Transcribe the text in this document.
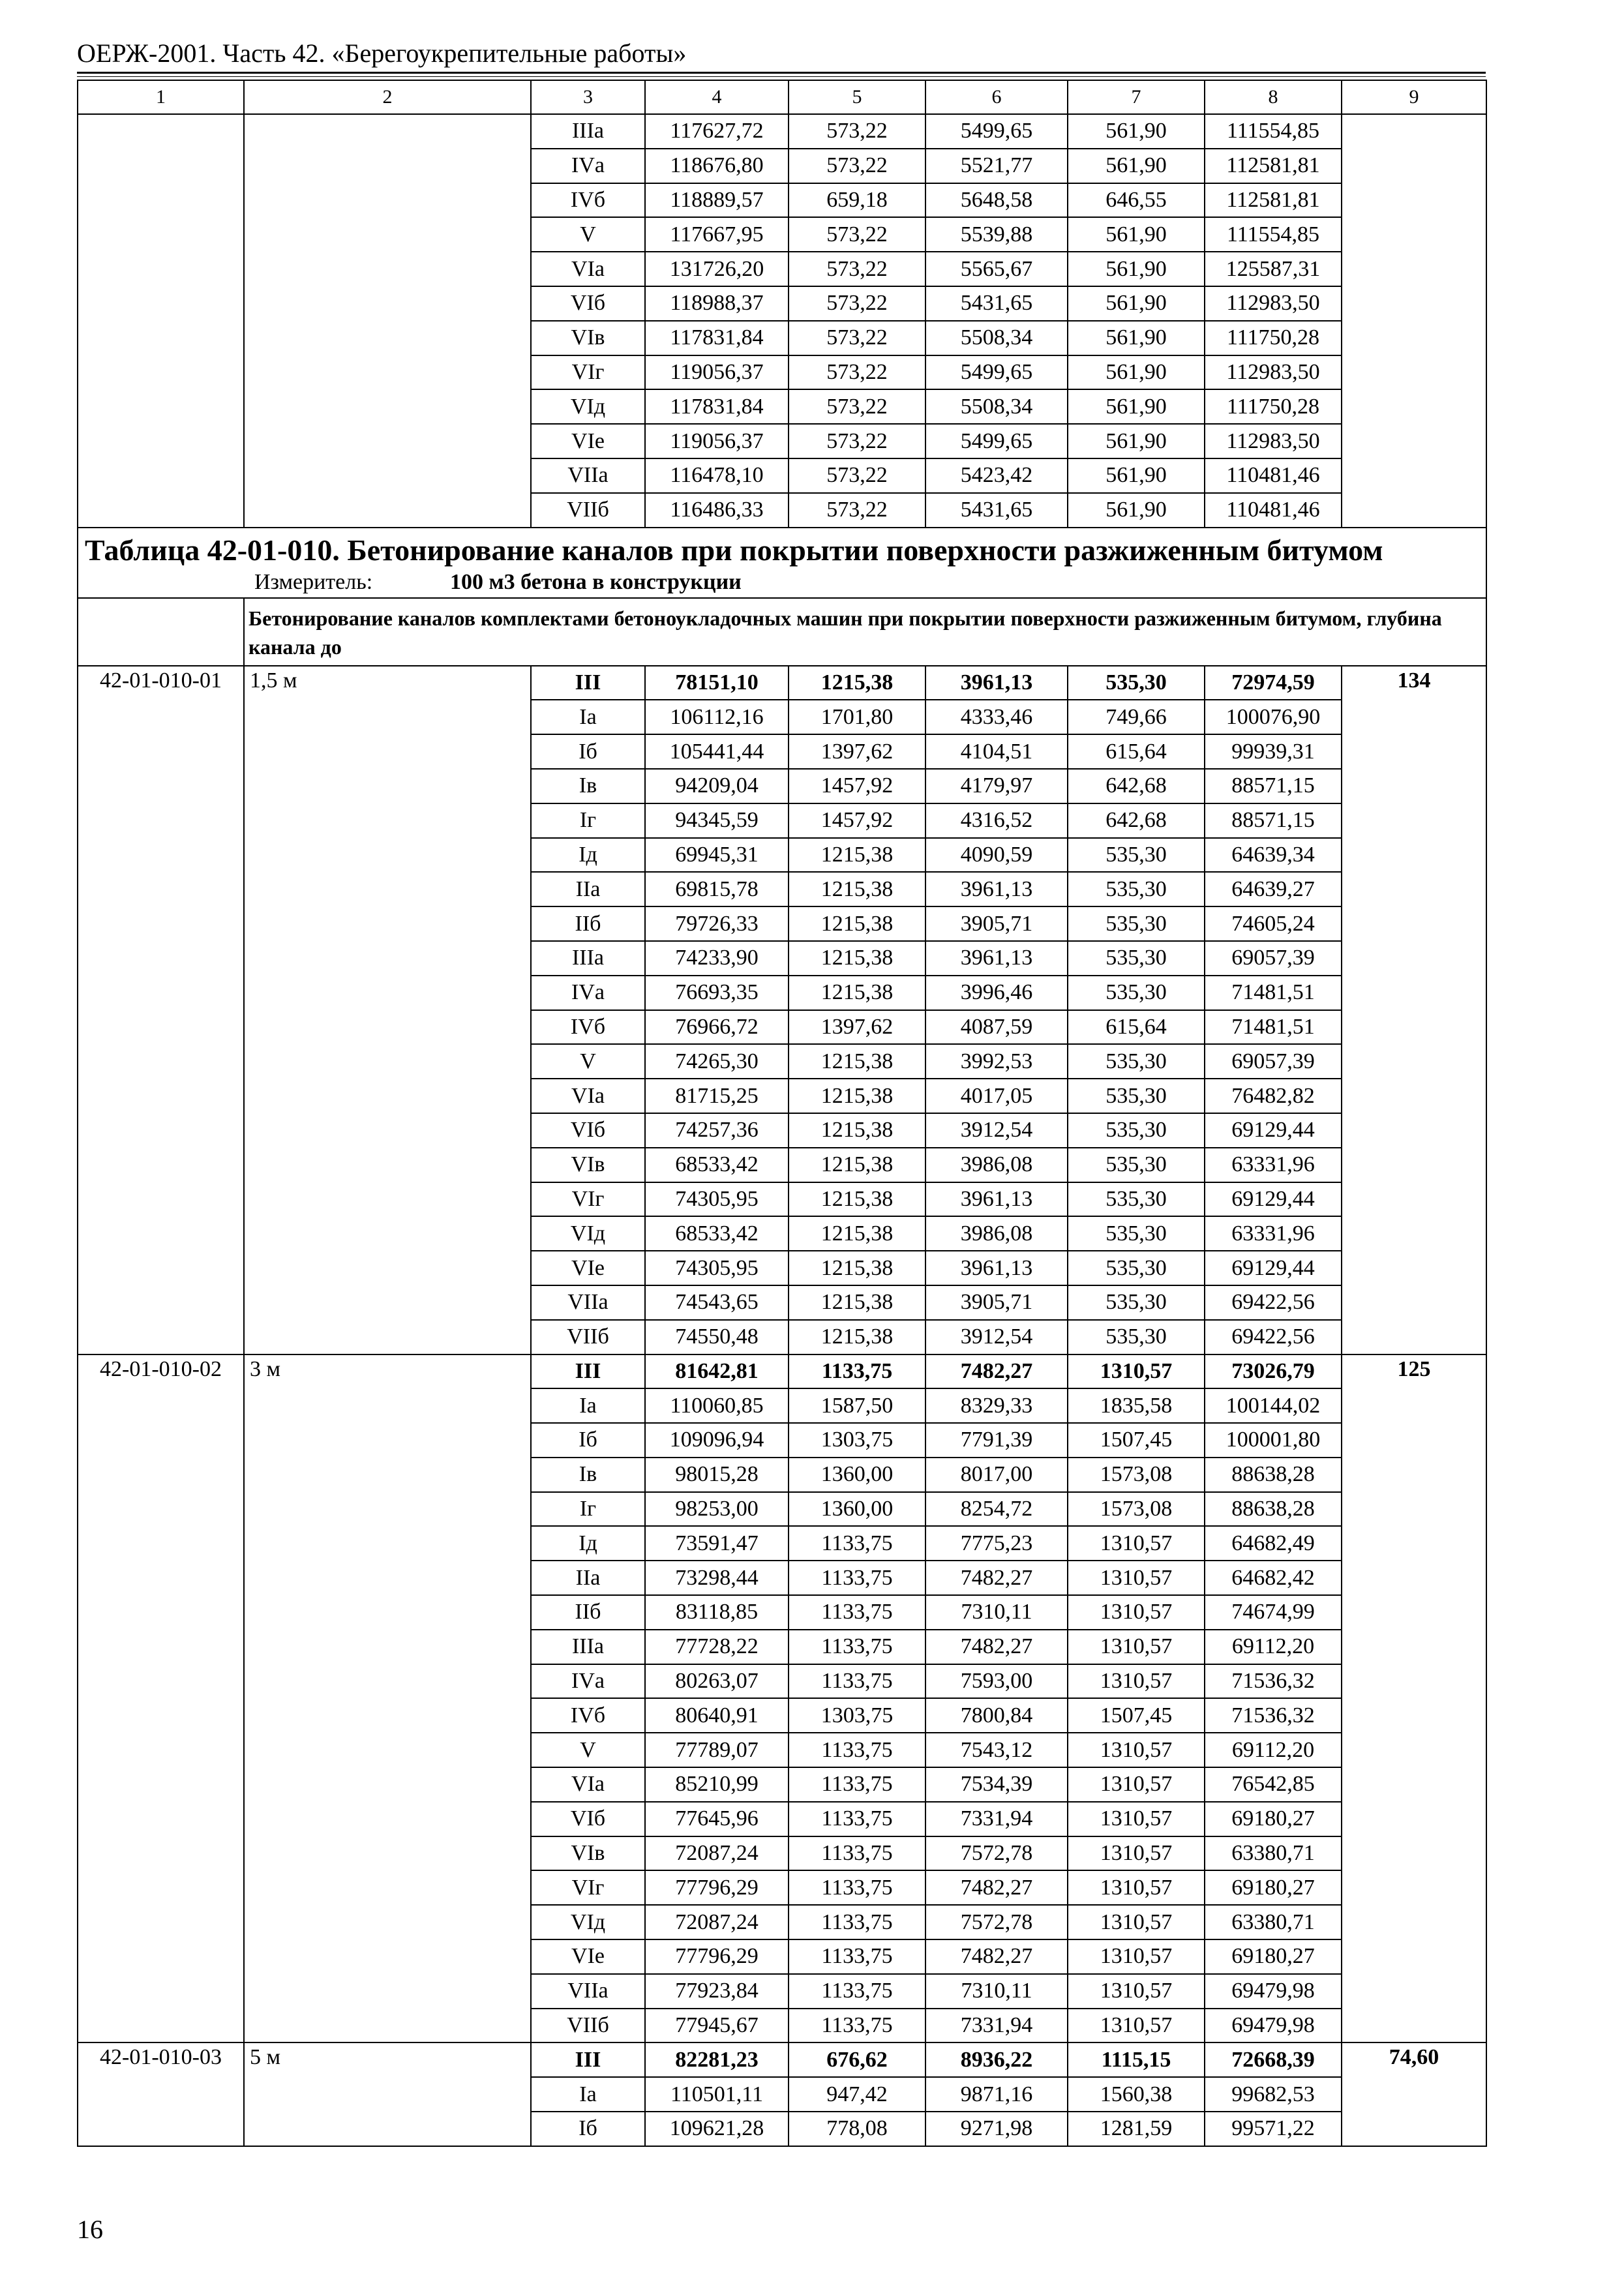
ОЕРЖ-2001. Часть 42. «Берегоукрепительные работы»
1	2	3	4	5	6	7	8	9
		IIIа	117627,72	573,22	5499,65	561,90	111554,85	
		IVа	118676,80	573,22	5521,77	561,90	112581,81	
		IVб	118889,57	659,18	5648,58	646,55	112581,81	
		V	117667,95	573,22	5539,88	561,90	111554,85	
		VIа	131726,20	573,22	5565,67	561,90	125587,31	
		VIб	118988,37	573,22	5431,65	561,90	112983,50	
		VIв	117831,84	573,22	5508,34	561,90	111750,28	
		VIг	119056,37	573,22	5499,65	561,90	112983,50	
		VIд	117831,84	573,22	5508,34	561,90	111750,28	
		VIе	119056,37	573,22	5499,65	561,90	112983,50	
		VIIа	116478,10	573,22	5423,42	561,90	110481,46	
		VIIб	116486,33	573,22	5431,65	561,90	110481,46	
Таблица 42-01-010. Бетонирование каналов при покрытии поверхности разжиженным битумом								
Измеритель: 100 м3 бетона в конструкции								
	Бетонирование каналов комплектами бетоноукладочных машин при покрытии поверхности разжиженным битумом, глубина канала до							
42-01-010-01	1,5 м	III	78151,10	1215,38	3961,13	535,30	72974,59	134
		Iа	106112,16	1701,80	4333,46	749,66	100076,90	
		Iб	105441,44	1397,62	4104,51	615,64	99939,31	
		Iв	94209,04	1457,92	4179,97	642,68	88571,15	
		Iг	94345,59	1457,92	4316,52	642,68	88571,15	
		Iд	69945,31	1215,38	4090,59	535,30	64639,34	
		IIа	69815,78	1215,38	3961,13	535,30	64639,27	
		IIб	79726,33	1215,38	3905,71	535,30	74605,24	
		IIIа	74233,90	1215,38	3961,13	535,30	69057,39	
		IVа	76693,35	1215,38	3996,46	535,30	71481,51	
		IVб	76966,72	1397,62	4087,59	615,64	71481,51	
		V	74265,30	1215,38	3992,53	535,30	69057,39	
		VIа	81715,25	1215,38	4017,05	535,30	76482,82	
		VIб	74257,36	1215,38	3912,54	535,30	69129,44	
		VIв	68533,42	1215,38	3986,08	535,30	63331,96	
		VIг	74305,95	1215,38	3961,13	535,30	69129,44	
		VIд	68533,42	1215,38	3986,08	535,30	63331,96	
		VIе	74305,95	1215,38	3961,13	535,30	69129,44	
		VIIа	74543,65	1215,38	3905,71	535,30	69422,56	
		VIIб	74550,48	1215,38	3912,54	535,30	69422,56	
42-01-010-02	3 м	III	81642,81	1133,75	7482,27	1310,57	73026,79	125
		Iа	110060,85	1587,50	8329,33	1835,58	100144,02	
		Iб	109096,94	1303,75	7791,39	1507,45	100001,80	
		Iв	98015,28	1360,00	8017,00	1573,08	88638,28	
		Iг	98253,00	1360,00	8254,72	1573,08	88638,28	
		Iд	73591,47	1133,75	7775,23	1310,57	64682,49	
		IIа	73298,44	1133,75	7482,27	1310,57	64682,42	
		IIб	83118,85	1133,75	7310,11	1310,57	74674,99	
		IIIа	77728,22	1133,75	7482,27	1310,57	69112,20	
		IVа	80263,07	1133,75	7593,00	1310,57	71536,32	
		IVб	80640,91	1303,75	7800,84	1507,45	71536,32	
		V	77789,07	1133,75	7543,12	1310,57	69112,20	
		VIа	85210,99	1133,75	7534,39	1310,57	76542,85	
		VIб	77645,96	1133,75	7331,94	1310,57	69180,27	
		VIв	72087,24	1133,75	7572,78	1310,57	63380,71	
		VIг	77796,29	1133,75	7482,27	1310,57	69180,27	
		VIд	72087,24	1133,75	7572,78	1310,57	63380,71	
		VIе	77796,29	1133,75	7482,27	1310,57	69180,27	
		VIIа	77923,84	1133,75	7310,11	1310,57	69479,98	
		VIIб	77945,67	1133,75	7331,94	1310,57	69479,98	
42-01-010-03	5 м	III	82281,23	676,62	8936,22	1115,15	72668,39	74,60
		Iа	110501,11	947,42	9871,16	1560,38	99682,53	
		Iб	109621,28	778,08	9271,98	1281,59	99571,22	
16
